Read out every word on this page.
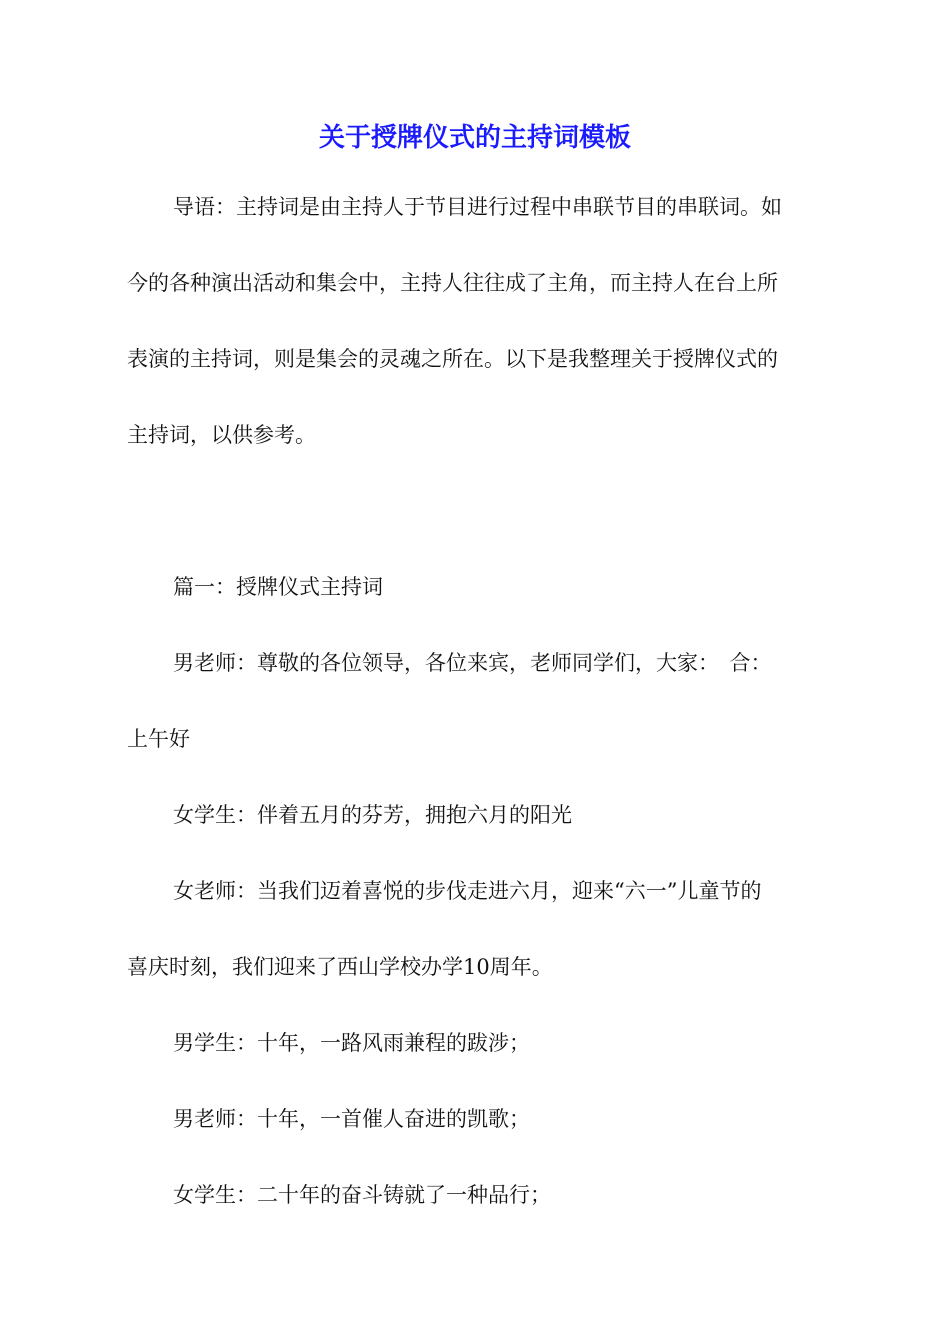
关于授牌仪式的主持词模板
导语：主持词是由主持人于节目进行过程中串联节目的串联词。如
今的各种演出活动和集会中，主持人往往成了主角，而主持人在台上所
表演的主持词，则是集会的灵魂之所在。以下是我整理关于授牌仪式的
主持词，以供参考。
篇一：授牌仪式主持词
男老师：尊敬的各位领导，各位来宾，老师同学们，大家：　合：
上午好
女学生：伴着五月的芬芳，拥抱六月的阳光
女老师：当我们迈着喜悦的步伐走进六月，迎来“六一”儿童节的
喜庆时刻，我们迎来了西山学校办学10周年。
男学生：十年，一路风雨兼程的跋涉；
男老师：十年，一首催人奋进的凯歌；
女学生：二十年的奋斗铸就了一种品行；
